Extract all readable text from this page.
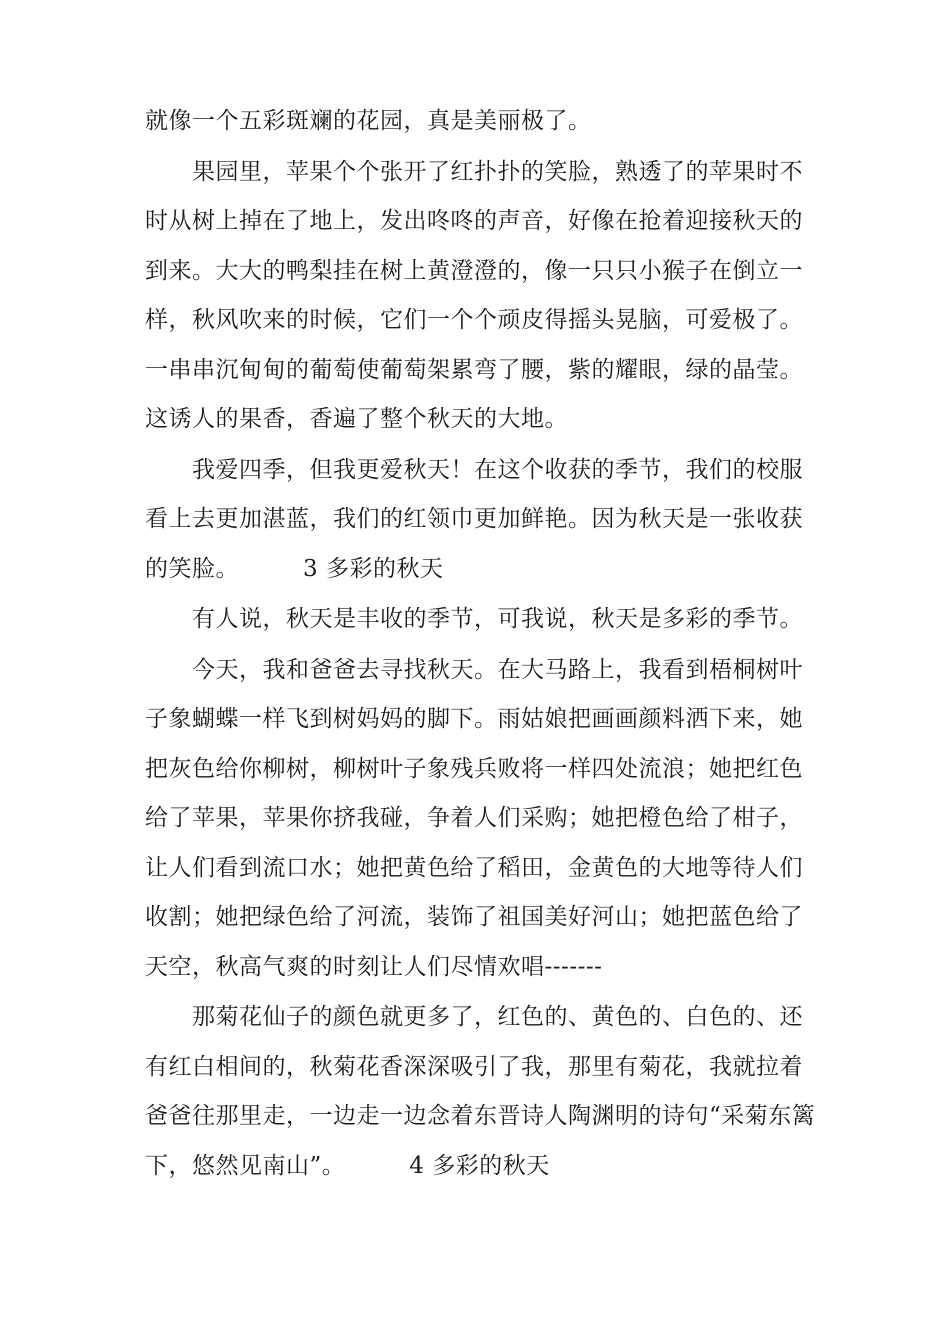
就像一个五彩斑斓的花园，真是美丽极了。

果园里，苹果个个张开了红扑扑的笑脸，熟透了的苹果时不时从树上掉在了地上，发出咚咚的声音，好像在抢着迎接秋天的到来。大大的鸭梨挂在树上黄澄澄的，像一只只小猴子在倒立一样，秋风吹来的时候，它们一个个顽皮得摇头晃脑，可爱极了。一串串沉甸甸的葡萄使葡萄架累弯了腰，紫的耀眼，绿的晶莹。这诱人的果香，香遍了整个秋天的大地。

我爱四季，但我更爱秋天！在这个收获的季节，我们的校服看上去更加湛蓝，我们的红领巾更加鲜艳。因为秋天是一张收获的笑脸。	3 多彩的秋天

有人说，秋天是丰收的季节，可我说，秋天是多彩的季节。

今天，我和爸爸去寻找秋天。在大马路上，我看到梧桐树叶子象蝴蝶一样飞到树妈妈的脚下。雨姑娘把画画颜料洒下来，她把灰色给你柳树，柳树叶子象残兵败将一样四处流浪；她把红色给了苹果，苹果你挤我碰，争着人们采购；她把橙色给了柑子，让人们看到流口水；她把黄色给了稻田，金黄色的大地等待人们收割；她把绿色给了河流，装饰了祖国美好河山；她把蓝色给了天空，秋高气爽的时刻让人们尽情欢唱-------

那菊花仙子的颜色就更多了，红色的、黄色的、白色的、还有红白相间的，秋菊花香深深吸引了我，那里有菊花，我就拉着爸爸往那里走，一边走一边念着东晋诗人陶渊明的诗句“采菊东篱下，悠然见南山”。	4 多彩的秋天
